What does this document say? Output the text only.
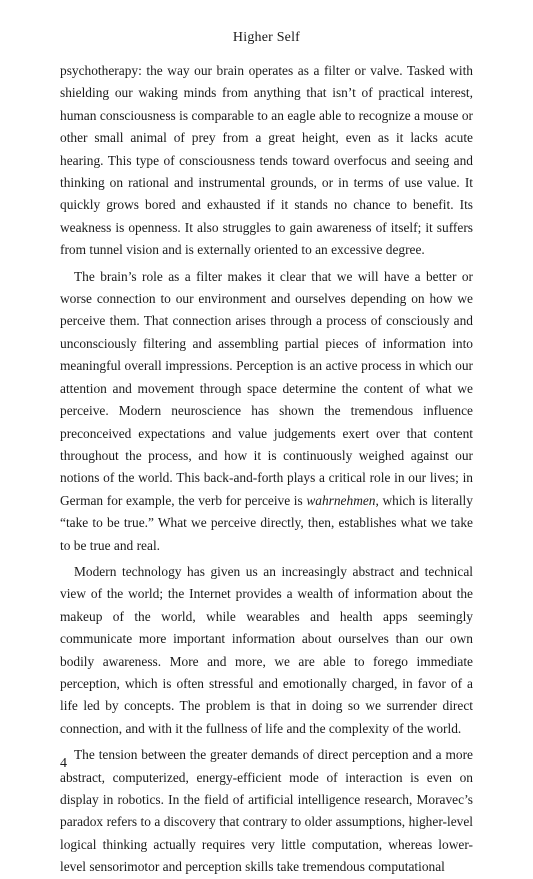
Higher Self

psychotherapy: the way our brain operates as a filter or valve. Tasked with shielding our waking minds from anything that isn’t of practical interest, human consciousness is comparable to an eagle able to recognize a mouse or other small animal of prey from a great height, even as it lacks acute hearing. This type of consciousness tends toward overfocus and seeing and thinking on rational and instrumental grounds, or in terms of use value. It quickly grows bored and exhausted if it stands no chance to benefit. Its weakness is openness. It also struggles to gain awareness of itself; it suffers from tunnel vision and is externally oriented to an excessive degree.

The brain’s role as a filter makes it clear that we will have a better or worse connection to our environment and ourselves depending on how we perceive them. That connection arises through a process of consciously and unconsciously filtering and assembling partial pieces of information into meaningful overall impressions. Perception is an active process in which our attention and movement through space determine the content of what we perceive. Modern neuroscience has shown the tremendous influence preconceived expectations and value judgements exert over that content throughout the process, and how it is continuously weighed against our notions of the world. This back-and-forth plays a critical role in our lives; in German for example, the verb for perceive is wahrnehmen, which is literally “take to be true.” What we perceive directly, then, establishes what we take to be true and real.

Modern technology has given us an increasingly abstract and technical view of the world; the Internet provides a wealth of information about the makeup of the world, while wearables and health apps seemingly communicate more important information about ourselves than our own bodily awareness. More and more, we are able to forego immediate perception, which is often stressful and emotionally charged, in favor of a life led by concepts. The problem is that in doing so we surrender direct connection, and with it the fullness of life and the complexity of the world.

The tension between the greater demands of direct perception and a more abstract, computerized, energy-efficient mode of interaction is even on display in robotics. In the field of artificial intelligence research, Moravec’s paradox refers to a discovery that contrary to older assumptions, higher-level logical thinking actually requires very little computation, whereas lower-level sensorimotor and perception skills take tremendous computational

4
